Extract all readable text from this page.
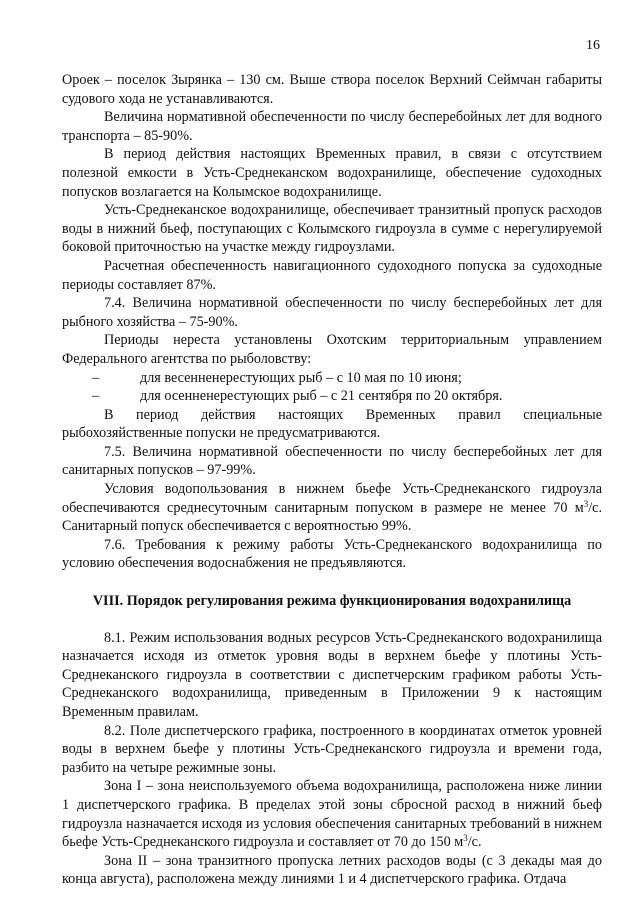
16

Ороек – поселок Зырянка – 130 см. Выше створа поселок Верхний Сеймчан габариты судового хода не устанавливаются.

Величина нормативной обеспеченности по числу бесперебойных лет для водного транспорта – 85-90%.

В период действия настоящих Временных правил, в связи с отсутствием полезной емкости в Усть-Среднеканском водохранилище, обеспечение судоходных попусков возлагается на Колымское водохранилище.

Усть-Среднеканское водохранилище, обеспечивает транзитный пропуск расходов воды в нижний бьеф, поступающих с Колымского гидроузла в сумме с нерегулируемой боковой приточностью на участке между гидроузлами.

Расчетная обеспеченность навигационного судоходного попуска за судоходные периоды составляет 87%.

7.4. Величина нормативной обеспеченности по числу бесперебойных лет для рыбного хозяйства – 75-90%.

Периоды нереста установлены Охотским территориальным управлением Федерального агентства по рыболовству:

–	для весенненерестующих рыб – с 10 мая по 10 июня;
–	для осенненерестующих рыб – с 21 сентября по 20 октября.

В период действия настоящих Временных правил специальные рыбохозяйственные попуски не предусматриваются.

7.5. Величина нормативной обеспеченности по числу бесперебойных лет для санитарных попусков – 97-99%.

Условия водопользования в нижнем бьефе Усть-Среднеканского гидроузла обеспечиваются среднесуточным санитарным попуском в размере не менее 70 $м^3/с$. Санитарный попуск обеспечивается с вероятностью 99%.

7.6. Требования к режиму работы Усть-Среднеканского водохранилища по условию обеспечения водоснабжения не предъявляются.

VIII. Порядок регулирования режима функционирования водохранилища

8.1. Режим использования водных ресурсов Усть-Среднеканского водохранилища назначается исходя из отметок уровня воды в верхнем бьефе у плотины Усть-Среднеканского гидроузла в соответствии с диспетчерским графиком работы Усть-Среднеканского водохранилища, приведенным в Приложении 9 к настоящим Временным правилам.

8.2. Поле диспетчерского графика, построенного в координатах отметок уровней воды в верхнем бьефе у плотины Усть-Среднеканского гидроузла и времени года, разбито на четыре режимные зоны.

Зона I – зона неиспользуемого объема водохранилища, расположена ниже линии 1 диспетчерского графика. В пределах этой зоны сбросной расход в нижний бьеф гидроузла назначается исходя из условия обеспечения санитарных требований в нижнем бьефе Усть-Среднеканского гидроузла и составляет от 70 до 150 $м^3/с$.

Зона II – зона транзитного пропуска летних расходов воды (с 3 декады мая до конца августа), расположена между линиями 1 и 4 диспетчерского графика. Отдача
